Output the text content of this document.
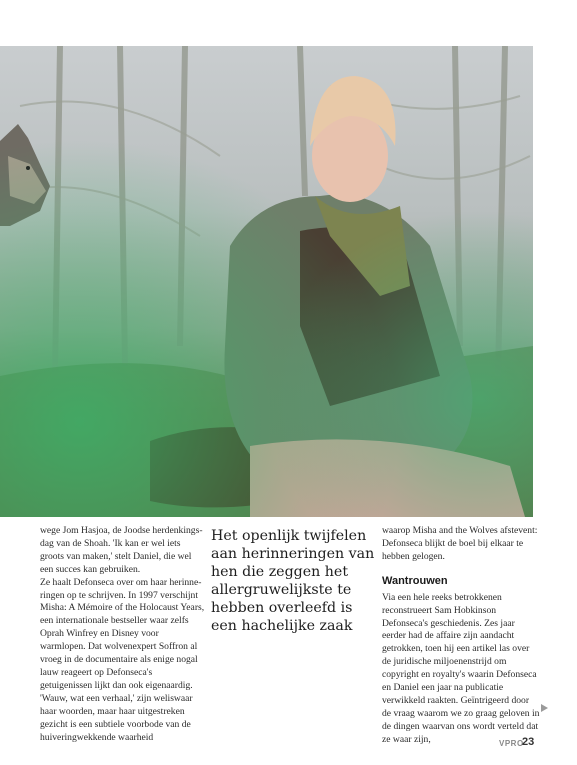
wege Jom Hasjoa, de Joodse herdenkingsdag van de Shoah. 'Ik kan er wel iets groots van maken,' stelt Daniel, die wel een succes kan gebruiken.

Ze haalt Defonseca over om haar herinneringen op te schrijven. In 1997 verschijnt Misha: A Mémoire of the Holocaust Years, een internationale bestseller waar zelfs Oprah Winfrey en Disney voor warmlopen. Dat wolvenexpert Soffron al vroeg in de documentaire als enige nogal lauw reageert op Defonseca's getuigenissen lijkt dan ook eigenaardig. 'Wauw, wat een verhaal,' zijn weliswaar haar woorden, maar haar uitgestreken gezicht is een subtiele voorbode van de huiveringwekkende waarheid

Het openlijk twijfelen aan herinneringen van hen die zeggen het allergruwelijkste te hebben overleefd is een hachelijke zaak

waarop Misha and the Wolves afstevent: Defonseca blijkt de boel bij elkaar te hebben gelogen.

Wantrouwen

Via een hele reeks betrokkenen reconstrueert Sam Hobkinson Defonseca's geschiedenis. Zes jaar eerder had de affaire zijn aandacht getrokken, toen hij een artikel las over de juridische miljoenenstrijd om copyright en royalty's waarin Defonseca en Daniel een jaar na publicatie verwikkeld raakten. Geïntrigeerd door de vraag waarom we zo graag geloven in de dingen waarvan ons wordt verteld dat ze waar zijn,	VPRO
23
